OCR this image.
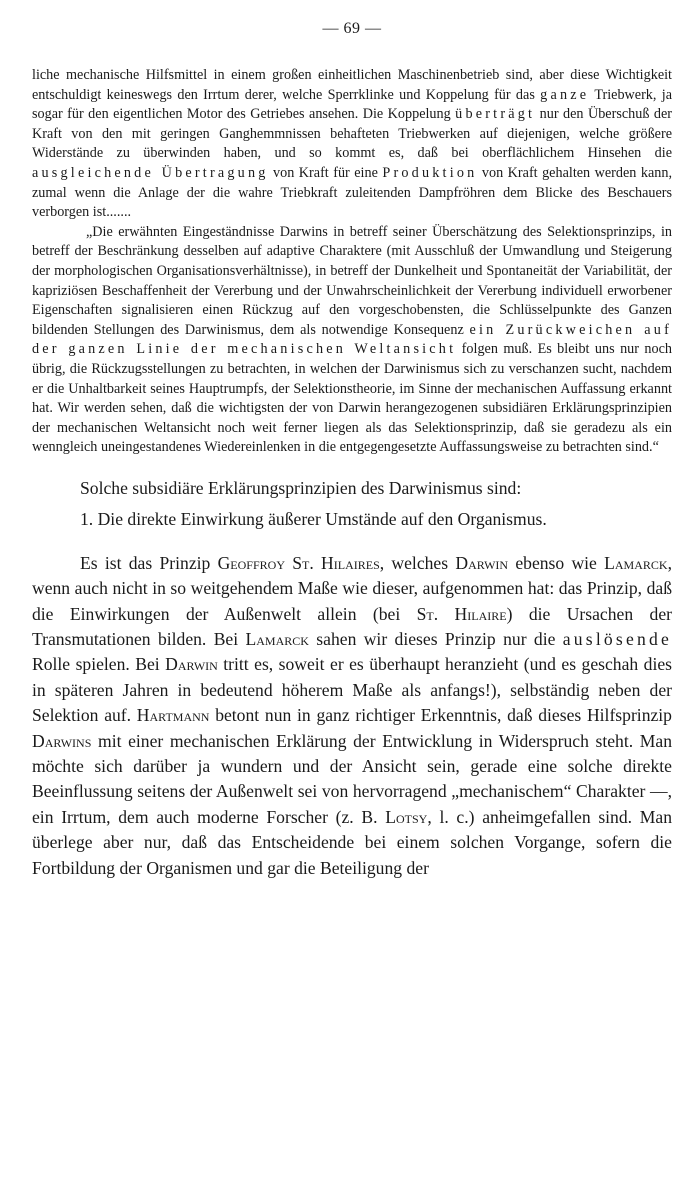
— 69 —

liche mechanische Hilfsmittel in einem großen einheitlichen Maschinenbetrieb sind, aber diese Wichtigkeit entschuldigt keineswegs den Irrtum derer, welche Sperrklinke und Koppelung für das ganze Triebwerk, ja sogar für den eigentlichen Motor des Getriebes ansehen. Die Koppelung überträgt nur den Überschuß der Kraft von den mit geringen Ganghemmnissen behafteten Triebwerken auf diejenigen, welche größere Widerstände zu überwinden haben, und so kommt es, daß bei oberflächlichem Hinsehen die ausgleichende Übertragung von Kraft für eine Produktion von Kraft gehalten werden kann, zumal wenn die Anlage der die wahre Triebkraft zuleitenden Dampfröhren dem Blicke des Beschauers verborgen ist.......

„Die erwähnten Eingeständnisse Darwins in betreff seiner Überschätzung des Selektionsprinzips, in betreff der Beschränkung desselben auf adaptive Charaktere (mit Ausschluß der Umwandlung und Steigerung der morphologischen Organisationsverhältnisse), in betreff der Dunkelheit und Spontaneität der Variabilität, der kapriziösen Beschaffenheit der Vererbung und der Unwahrscheinlichkeit der Vererbung individuell erworbener Eigenschaften signalisieren einen Rückzug auf den vorgeschobensten, die Schlüsselpunkte des Ganzen bildenden Stellungen des Darwinismus, dem als notwendige Konsequenz ein Zurückweichen auf der ganzen Linie der mechanischen Weltansicht folgen muß. Es bleibt uns nur noch übrig, die Rückzugsstellungen zu betrachten, in welchen der Darwinismus sich zu verschanzen sucht, nachdem er die Unhaltbarkeit seines Hauptrumpfs, der Selektionstheorie, im Sinne der mechanischen Auffassung erkannt hat. Wir werden sehen, daß die wichtigsten der von Darwin herangezogenen subsidiären Erklärungsprinzipien der mechanischen Weltansicht noch weit ferner liegen als das Selektionsprinzip, daß sie geradezu als ein wenngleich uneingestandenes Wiedereinlenken in die entgegengesetzte Auffassungsweise zu betrachten sind.“

Solche subsidiäre Erklärungsprinzipien des Darwinismus sind:

1. Die direkte Einwirkung äußerer Umstände auf den Organismus.

Es ist das Prinzip Geoffroy St. Hilaires, welches Darwin ebenso wie Lamarck, wenn auch nicht in so weitgehendem Maße wie dieser, aufgenommen hat: das Prinzip, daß die Einwirkungen der Außenwelt allein (bei St. Hilaire) die Ursachen der Transmutationen bilden. Bei Lamarck sahen wir dieses Prinzip nur die auslösende Rolle spielen. Bei Darwin tritt es, soweit er es überhaupt heranzieht (und es geschah dies in späteren Jahren in bedeutend höherem Maße als anfangs!), selbständig neben der Selektion auf. Hartmann betont nun in ganz richtiger Erkenntnis, daß dieses Hilfsprinzip Darwins mit einer mechanischen Erklärung der Entwicklung in Widerspruch steht. Man möchte sich darüber ja wundern und der Ansicht sein, gerade eine solche direkte Beeinflussung seitens der Außenwelt sei von hervorragend „mechanischem“ Charakter —, ein Irrtum, dem auch moderne Forscher (z. B. Lotsy, l. c.) anheimgefallen sind. Man überlege aber nur, daß das Entscheidende bei einem solchen Vorgange, sofern die Fortbildung der Organismen und gar die Beteiligung der
